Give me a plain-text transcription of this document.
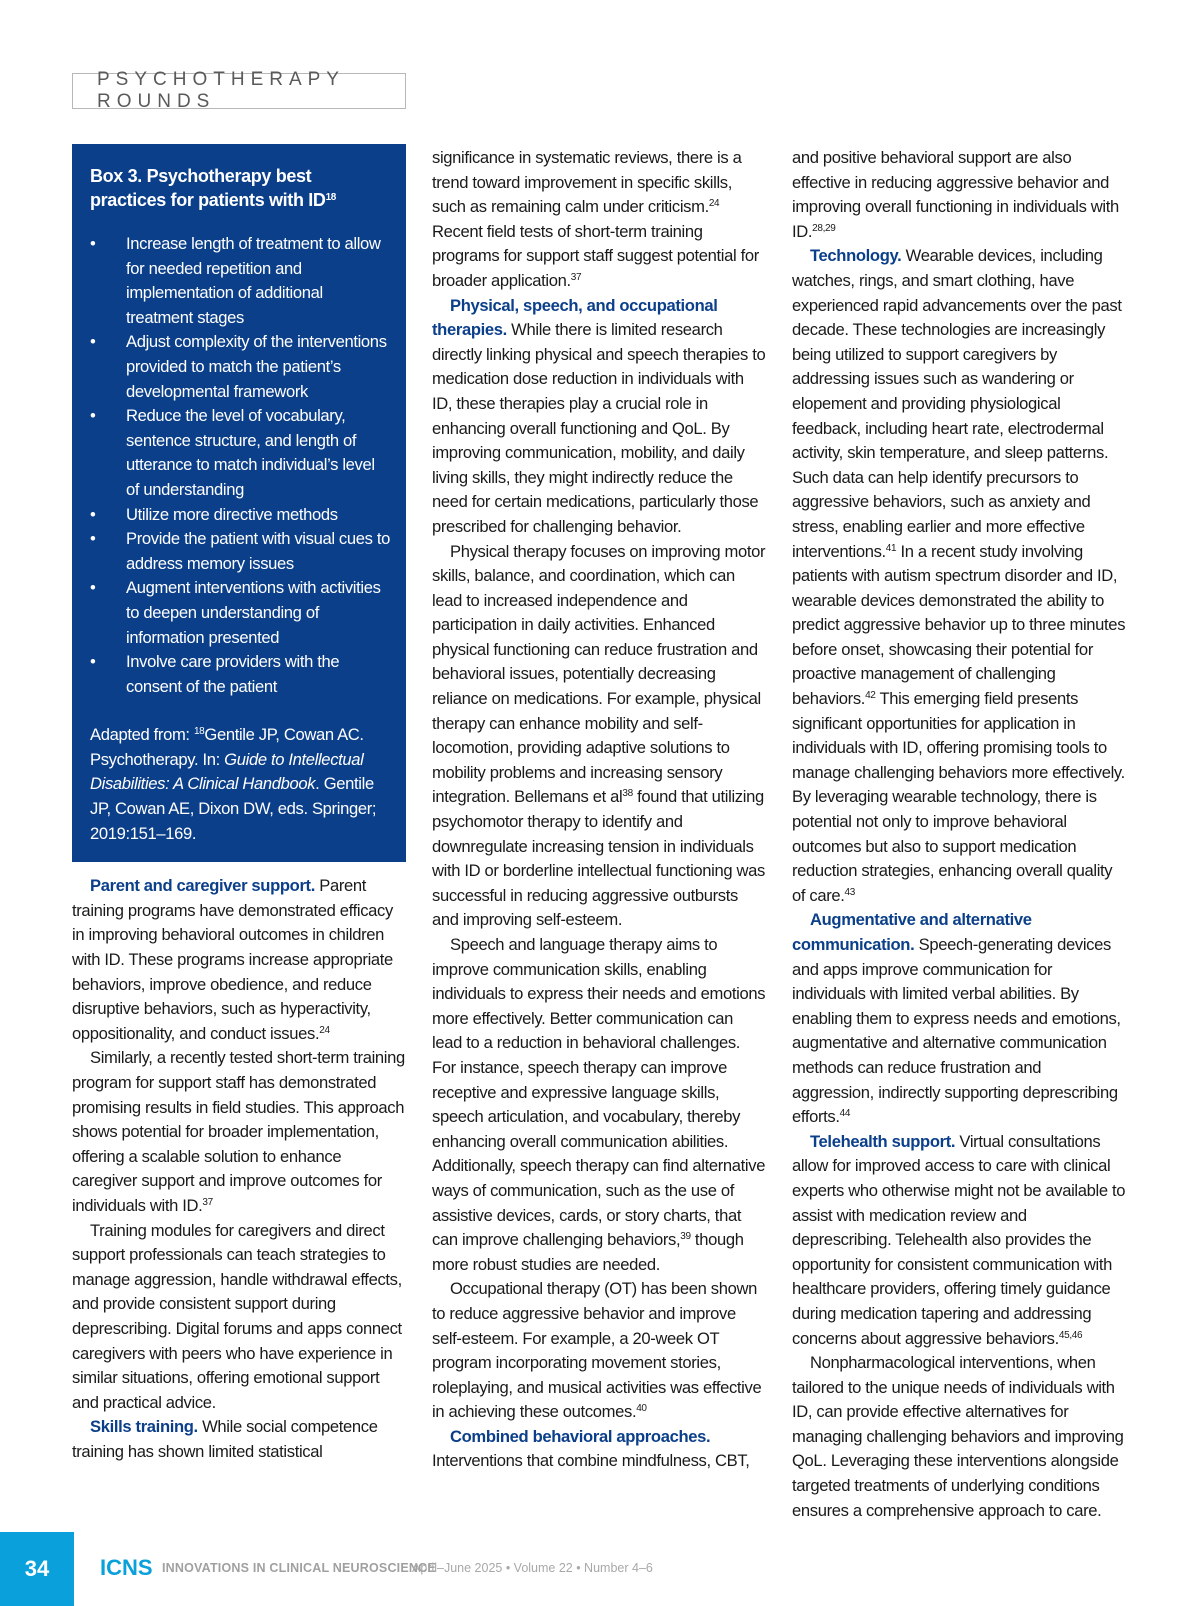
PSYCHOTHERAPY ROUNDS
Box 3. Psychotherapy best practices for patients with ID$^{18}$
• Increase length of treatment to allow for needed repetition and implementation of additional treatment stages
• Adjust complexity of the interventions provided to match the patient’s developmental framework
• Reduce the level of vocabulary, sentence structure, and length of utterance to match individual’s level of understanding
• Utilize more directive methods
• Provide the patient with visual cues to address memory issues
• Augment interventions with activities to deepen understanding of information presented
• Involve care providers with the consent of the patient
Adapted from: $^{18}$Gentile JP, Cowan AC. Psychotherapy. In: Guide to Intellectual Disabilities: A Clinical Handbook. Gentile JP, Cowan AE, Dixon DW, eds. Springer; 2019:151–169.

Parent and caregiver support. Parent training programs have demonstrated efficacy in improving behavioral outcomes in children with ID. These programs increase appropriate behaviors, improve obedience, and reduce disruptive behaviors, such as hyperactivity, oppositionality, and conduct issues.$^{24}$

Similarly, a recently tested short-term training program for support staff has demonstrated promising results in field studies. This approach shows potential for broader implementation, offering a scalable solution to enhance caregiver support and improve outcomes for individuals with ID.$^{37}$

Training modules for caregivers and direct support professionals can teach strategies to manage aggression, handle withdrawal effects, and provide consistent support during deprescribing. Digital forums and apps connect caregivers with peers who have experience in similar situations, offering emotional support and practical advice.

Skills training. While social competence training has shown limited statistical

significance in systematic reviews, there is a trend toward improvement in specific skills, such as remaining calm under criticism.$^{24}$ Recent field tests of short-term training programs for support staff suggest potential for broader application.$^{37}$

Physical, speech, and occupational therapies. While there is limited research directly linking physical and speech therapies to medication dose reduction in individuals with ID, these therapies play a crucial role in enhancing overall functioning and QoL. By improving communication, mobility, and daily living skills, they might indirectly reduce the need for certain medications, particularly those prescribed for challenging behavior.

Physical therapy focuses on improving motor skills, balance, and coordination, which can lead to increased independence and participation in daily activities. Enhanced physical functioning can reduce frustration and behavioral issues, potentially decreasing reliance on medications. For example, physical therapy can enhance mobility and self-locomotion, providing adaptive solutions to mobility problems and increasing sensory integration. Bellemans et $al^{38}$ found that utilizing psychomotor therapy to identify and downregulate increasing tension in individuals with ID or borderline intellectual functioning was successful in reducing aggressive outbursts and improving self-esteem.

Speech and language therapy aims to improve communication skills, enabling individuals to express their needs and emotions more effectively. Better communication can lead to a reduction in behavioral challenges. For instance, speech therapy can improve receptive and expressive language skills, speech articulation, and vocabulary, thereby enhancing overall communication abilities. Additionally, speech therapy can find alternative ways of communication, such as the use of assistive devices, cards, or story charts, that can improve challenging behaviors,$^{39}$ though more robust studies are needed.

Occupational therapy (OT) has been shown to reduce aggressive behavior and improve self-esteem. For example, a 20-week OT program incorporating movement stories, roleplaying, and musical activities was effective in achieving these outcomes.$^{40}$

Combined behavioral approaches. Interventions that combine mindfulness, CBT,

and positive behavioral support are also effective in reducing aggressive behavior and improving overall functioning in individuals with ID.$^{28,29}$

Technology. Wearable devices, including watches, rings, and smart clothing, have experienced rapid advancements over the past decade. These technologies are increasingly being utilized to support caregivers by addressing issues such as wandering or elopement and providing physiological feedback, including heart rate, electrodermal activity, skin temperature, and sleep patterns. Such data can help identify precursors to aggressive behaviors, such as anxiety and stress, enabling earlier and more effective interventions.$^{41}$ In a recent study involving patients with autism spectrum disorder and ID, wearable devices demonstrated the ability to predict aggressive behavior up to three minutes before onset, showcasing their potential for proactive management of challenging behaviors.$^{42}$ This emerging field presents significant opportunities for application in individuals with ID, offering promising tools to manage challenging behaviors more effectively. By leveraging wearable technology, there is potential not only to improve behavioral outcomes but also to support medication reduction strategies, enhancing overall quality of care.$^{43}$

Augmentative and alternative communication. Speech-generating devices and apps improve communication for individuals with limited verbal abilities. By enabling them to express needs and emotions, augmentative and alternative communication methods can reduce frustration and aggression, indirectly supporting deprescribing efforts.$^{44}$

Telehealth support. Virtual consultations allow for improved access to care with clinical experts who otherwise might not be available to assist with medication review and deprescribing. Telehealth also provides the opportunity for consistent communication with healthcare providers, offering timely guidance during medication tapering and addressing concerns about aggressive behaviors.$^{45,46}$

Nonpharmacological interventions, when tailored to the unique needs of individuals with ID, can provide effective alternatives for managing challenging behaviors and improving QoL. Leveraging these interventions alongside targeted treatments of underlying conditions ensures a comprehensive approach to care.

34	ICNS INNOVATIONS IN CLINICAL NEUROSCIENCE
April–June 2025 • Volume 22 • Number 4–6
